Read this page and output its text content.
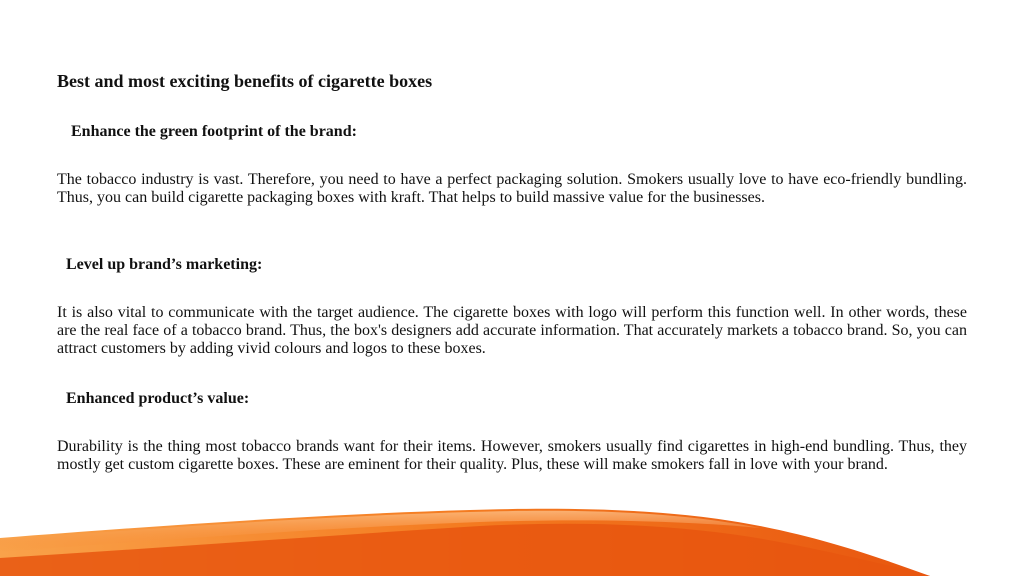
Best and most exciting benefits of cigarette boxes
Enhance the green footprint of the brand:
The tobacco industry is vast. Therefore, you need to have a perfect packaging solution. Smokers usually love to have eco-friendly bundling. Thus, you can build cigarette packaging boxes with kraft. That helps to build massive value for the businesses.
Level up brand’s marketing:
It is also vital to communicate with the target audience. The cigarette boxes with logo will perform this function well. In other words, these are the real face of a tobacco brand. Thus, the box's designers add accurate information. That accurately markets a tobacco brand. So, you can attract customers by adding vivid colours and logos to these boxes.
Enhanced product’s value:
Durability is the thing most tobacco brands want for their items. However, smokers usually find cigarettes in high-end bundling. Thus, they mostly get custom cigarette boxes. These are eminent for their quality. Plus, these will make smokers fall in love with your brand.
